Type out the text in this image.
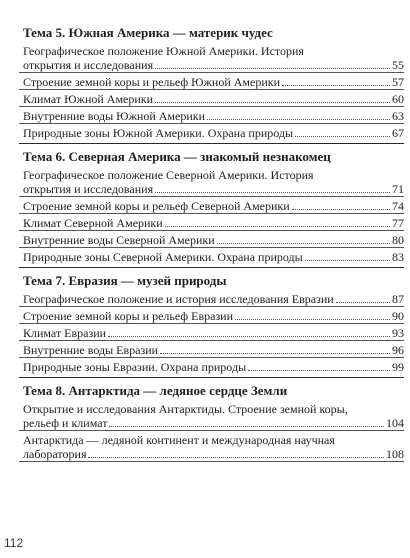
Тема 5. Южная Америка — материк чудес
Географическое положение Южной Америки. История
открытия и исследования	55
Строение земной коры и рельеф Южной Америки	57
Климат Южной Америки	60
Внутренние воды Южной Америки	63
Природные зоны Южной Америки. Охрана природы	67
Тема 6. Северная Америка — знакомый незнакомец
Географическое положение Северной Америки. История
открытия и исследования	71
Строение земной коры и рельеф Северной Америки	74
Климат Северной Америки	77
Внутренние воды Северной Америки	80
Природные зоны Северной Америки. Охрана природы	83
Тема 7. Евразия — музей природы
Географическое положение и история исследования Евразии	87
Строение земной коры и рельеф Евразии	90
Климат Евразии	93
Внутренние воды Евразии	96
Природные зоны Евразии. Охрана природы	99
Тема 8. Антарктида — ледяное сердце Земли
Открытие и исследования Антарктиды. Строение земной коры,
рельеф и климат	104
Антарктида — ледяной континент и международная научная
лаборатория	108
112
